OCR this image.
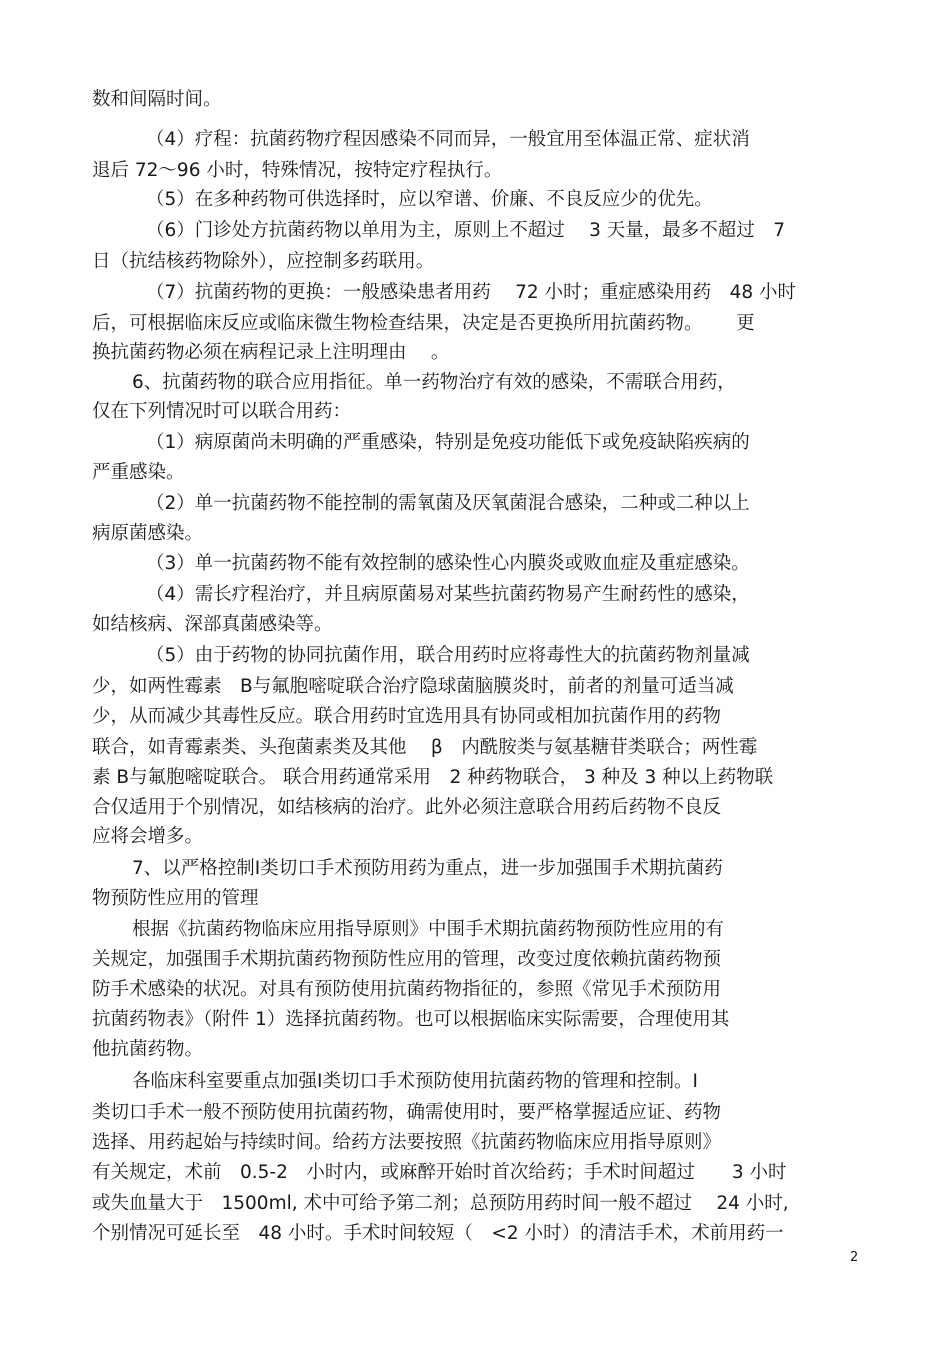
数和间隔时间。

（4）疗程：抗菌药物疗程因感染不同而异，一般宜用至体温正常、症状消

退后 72～96 小时，特殊情况，按特定疗程执行。

（5）在多种药物可供选择时，应以窄谱、价廉、不良反应少的优先。

（6）门诊处方抗菌药物以单用为主，原则上不超过　 3 天量，最多不超过　7

日（抗结核药物除外），应控制多药联用。

（7）抗菌药物的更换：一般感染患者用药　 72 小时；重症感染用药　48 小时

后，可根据临床反应或临床微生物检查结果，决定是否更换所用抗菌药物。　　 更

换抗菌药物必须在病程记录上注明理由　 。

6、抗菌药物的联合应用指征。单一药物治疗有效的感染，不需联合用药，

仅在下列情况时可以联合用药：

（1）病原菌尚未明确的严重感染，特别是免疫功能低下或免疫缺陷疾病的

严重感染。

（2）单一抗菌药物不能控制的需氧菌及厌氧菌混合感染，二种或二种以上

病原菌感染。

（3）单一抗菌药物不能有效控制的感染性心内膜炎或败血症及重症感染。

（4）需长疗程治疗，并且病原菌易对某些抗菌药物易产生耐药性的感染，

如结核病、深部真菌感染等。

（5）由于药物的协同抗菌作用，联合用药时应将毒性大的抗菌药物剂量减

少，如两性霉素　B与氟胞嘧啶联合治疗隐球菌脑膜炎时，前者的剂量可适当减

少，从而减少其毒性反应。联合用药时宜选用具有协同或相加抗菌作用的药物

联合，如青霉素类、头孢菌素类及其他　 β　内酰胺类与氨基糖苷类联合；两性霉

素 B与氟胞嘧啶联合。 联合用药通常采用　2 种药物联合， 3 种及 3 种以上药物联

合仅适用于个别情况，如结核病的治疗。此外必须注意联合用药后药物不良反

应将会增多。

7、以严格控制Ⅰ类切口手术预防用药为重点，进一步加强围手术期抗菌药

物预防性应用的管理

根据《抗菌药物临床应用指导原则》中围手术期抗菌药物预防性应用的有

关规定，加强围手术期抗菌药物预防性应用的管理，改变过度依赖抗菌药物预

防手术感染的状况。对具有预防使用抗菌药物指征的，参照《常见手术预防用

抗菌药物表》（附件 1）选择抗菌药物。也可以根据临床实际需要，合理使用其

他抗菌药物。

各临床科室要重点加强Ⅰ类切口手术预防使用抗菌药物的管理和控制。Ⅰ

类切口手术一般不预防使用抗菌药物，确需使用时，要严格掌握适应证、药物

选择、用药起始与持续时间。给药方法要按照《抗菌药物临床应用指导原则》

有关规定，术前　0.5-2　小时内，或麻醉开始时首次给药；手术时间超过　　3 小时

或失血量大于　1500ml, 术中可给予第二剂；总预防用药时间一般不超过　 24 小时,

个别情况可延长至　48 小时。手术时间较短（　<2 小时）的清洁手术，术前用药一

2
